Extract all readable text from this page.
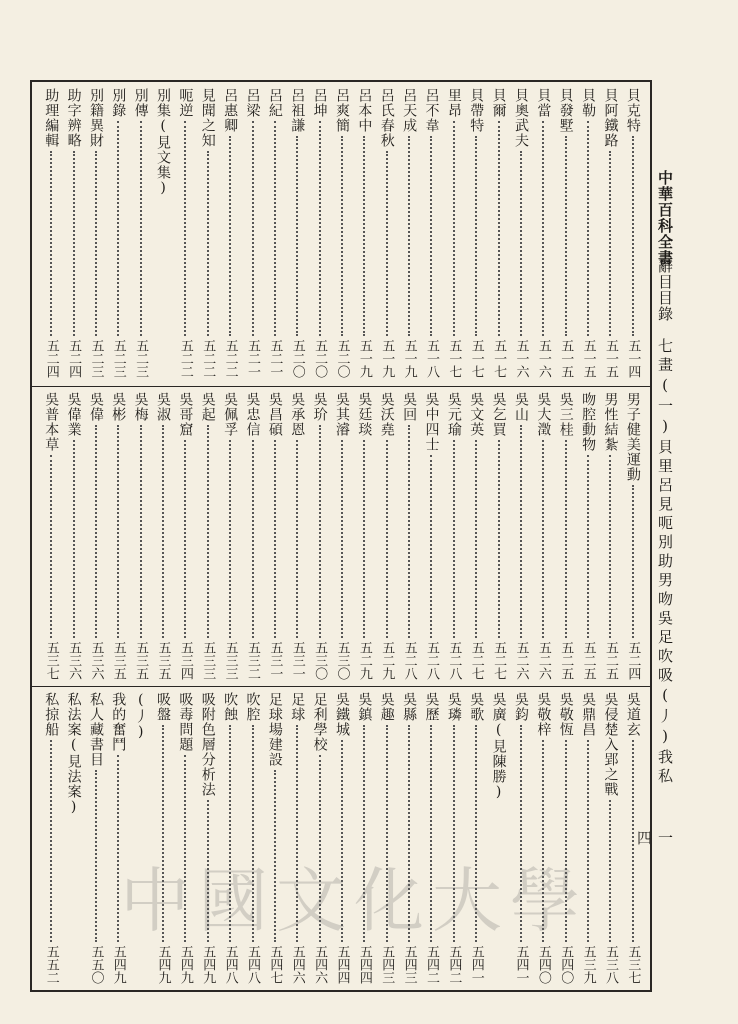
中華百科全書
辭目目錄
七畫(一)貝里呂見呃別助男吻吳足吹吸(丿)我私
一四
貝克特
五一四
貝阿鐵路
五一五
貝勒
五一五
貝發墅
五一五
貝當
五一六
貝奧武夫
五一六
貝爾
五一七
貝帶特
五一七
里昂
五一七
呂不韋
五一八
呂天成
五一九
呂氏春秋
五一九
呂本中
五一九
呂爽簡
五二〇
呂坤
五二〇
呂祖謙
五二〇
呂紀
五二一
呂梁
五二一
呂惠卿
五二二
見聞之知
五二二
呃逆
五二二
別集(見文集)
別傳
五二三
別錄
五二三
別籍異財
五二三
助字辨略
五二四
助理編輯
五二四
男子健美運動
五二四
男性結紮
五二五
吻腔動物
五二五
吳三桂
五二五
吳大澂
五二六
吳山
五二六
吳乞買
五二七
吳文英
五二七
吳元瑜
五二八
吳中四士
五二八
吳回
五二八
吳沃堯
五二九
吳廷琰
五二九
吳其濬
五三〇
吳玠
五三〇
吳承恩
五三一
吳昌碩
五三一
吳忠信
五三二
吳佩孚
五三三
吳起
五三三
吳哥窟
五三四
吳淑
五三五
吳梅
五三五
吳彬
五三五
吳偉
五三六
吳偉業
五三六
吳普本草
五三七
吳道玄
五三七
吳侵楚入郢之戰
五三八
吳鼎昌
五三九
吳敬恆
五四〇
吳敬梓
五四〇
吳鈞
五四一
吳廣(見陳勝)
吳歌
五四一
吳璘
五四二
吳歷
五四二
吳縣
五四三
吳趣
五四三
吳鎮
五四四
吳鐵城
五四四
足利學校
五四六
足球
五四六
足球場建設
五四七
吹腔
五四八
吹蝕
五四八
吸附色層分析法
五四九
吸毒問題
五四九
吸盤
五四九
(丿)
我的奮鬥
五四九
私人藏書目
五五〇
私法案(見法案)
私掠船
五五二
中國文化大學
